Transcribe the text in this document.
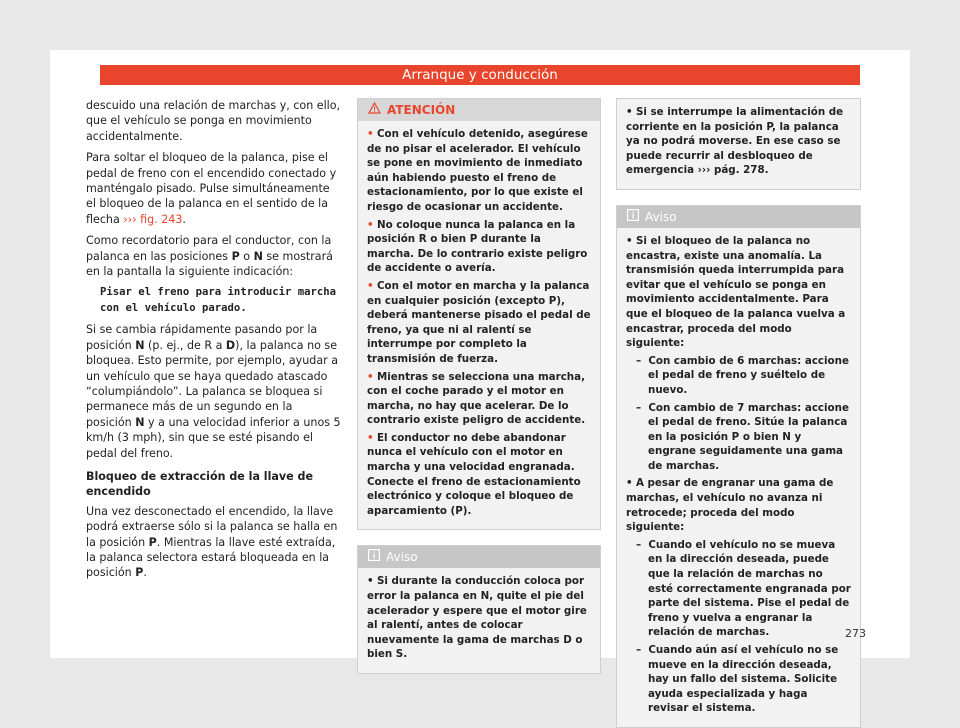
Arranque y conducción

descuido una relación de marchas y, con ello, que el vehículo se ponga en movimiento accidentalmente.

Para soltar el bloqueo de la palanca, pise el pedal de freno con el encendido conectado y manténgalo pisado. Pulse simultáneamente el bloqueo de la palanca en el sentido de la flecha ››› fig. 243.

Como recordatorio para el conductor, con la palanca en las posiciones P o N se mostrará en la pantalla la siguiente indicación:

Pisar el freno para introducir marcha con el vehículo parado.

Si se cambia rápidamente pasando por la posición N (p. ej., de R a D), la palanca no se bloquea. Esto permite, por ejemplo, ayudar a un vehículo que se haya quedado atascado “columpiándolo”. La palanca se bloquea si permanece más de un segundo en la posición N y a una velocidad inferior a unos 5 km/h (3 mph), sin que se esté pisando el pedal del freno.

Bloqueo de extracción de la llave de encendido

Una vez desconectado el encendido, la llave podrá extraerse sólo si la palanca se halla en la posición P. Mientras la llave esté extraída, la palanca selectora estará bloqueada en la posición P.

ATENCIÓN

• Con el vehículo detenido, asegúrese de no pisar el acelerador. El vehículo se pone en movimiento de inmediato aún habiendo puesto el freno de estacionamiento, por lo que existe el riesgo de ocasionar un accidente.

• No coloque nunca la palanca en la posición R o bien P durante la marcha. De lo contrario existe peligro de accidente o avería.

• Con el motor en marcha y la palanca en cualquier posición (excepto P), deberá mantenerse pisado el pedal de freno, ya que ni al ralentí se interrumpe por completo la transmisión de fuerza.

• Mientras se selecciona una marcha, con el coche parado y el motor en marcha, no hay que acelerar. De lo contrario existe peligro de accidente.

• El conductor no debe abandonar nunca el vehículo con el motor en marcha y una velocidad engranada. Conecte el freno de estacionamiento electrónico y coloque el bloqueo de aparcamiento (P).

Aviso

• Si durante la conducción coloca por error la palanca en N, quite el pie del acelerador y espere que el motor gire al ralentí, antes de colocar nuevamente la gama de marchas D o bien S.

• Si se interrumpe la alimentación de corriente en la posición P, la palanca ya no podrá moverse. En ese caso se puede recurrir al desbloqueo de emergencia ››› pág. 278.

Aviso

• Si el bloqueo de la palanca no encastra, existe una anomalía. La transmisión queda interrumpida para evitar que el vehículo se ponga en movimiento accidentalmente. Para que el bloqueo de la palanca vuelva a encastrar, proceda del modo siguiente:

–  Con cambio de 6 marchas: accione el pedal de freno y suéltelo de nuevo.

–  Con cambio de 7 marchas: accione el pedal de freno. Sitúe la palanca en la posición P o bien N y engrane seguidamente una gama de marchas.

• A pesar de engranar una gama de marchas, el vehículo no avanza ni retrocede; proceda del modo siguiente:

–  Cuando el vehículo no se mueva en la dirección deseada, puede que la relación de marchas no esté correctamente engranada por parte del sistema. Pise el pedal de freno y vuelva a engranar la relación de marchas.

–  Cuando aún así el vehículo no se mueve en la dirección deseada, hay un fallo del sistema. Solicite ayuda especializada y haga revisar el sistema.

273
